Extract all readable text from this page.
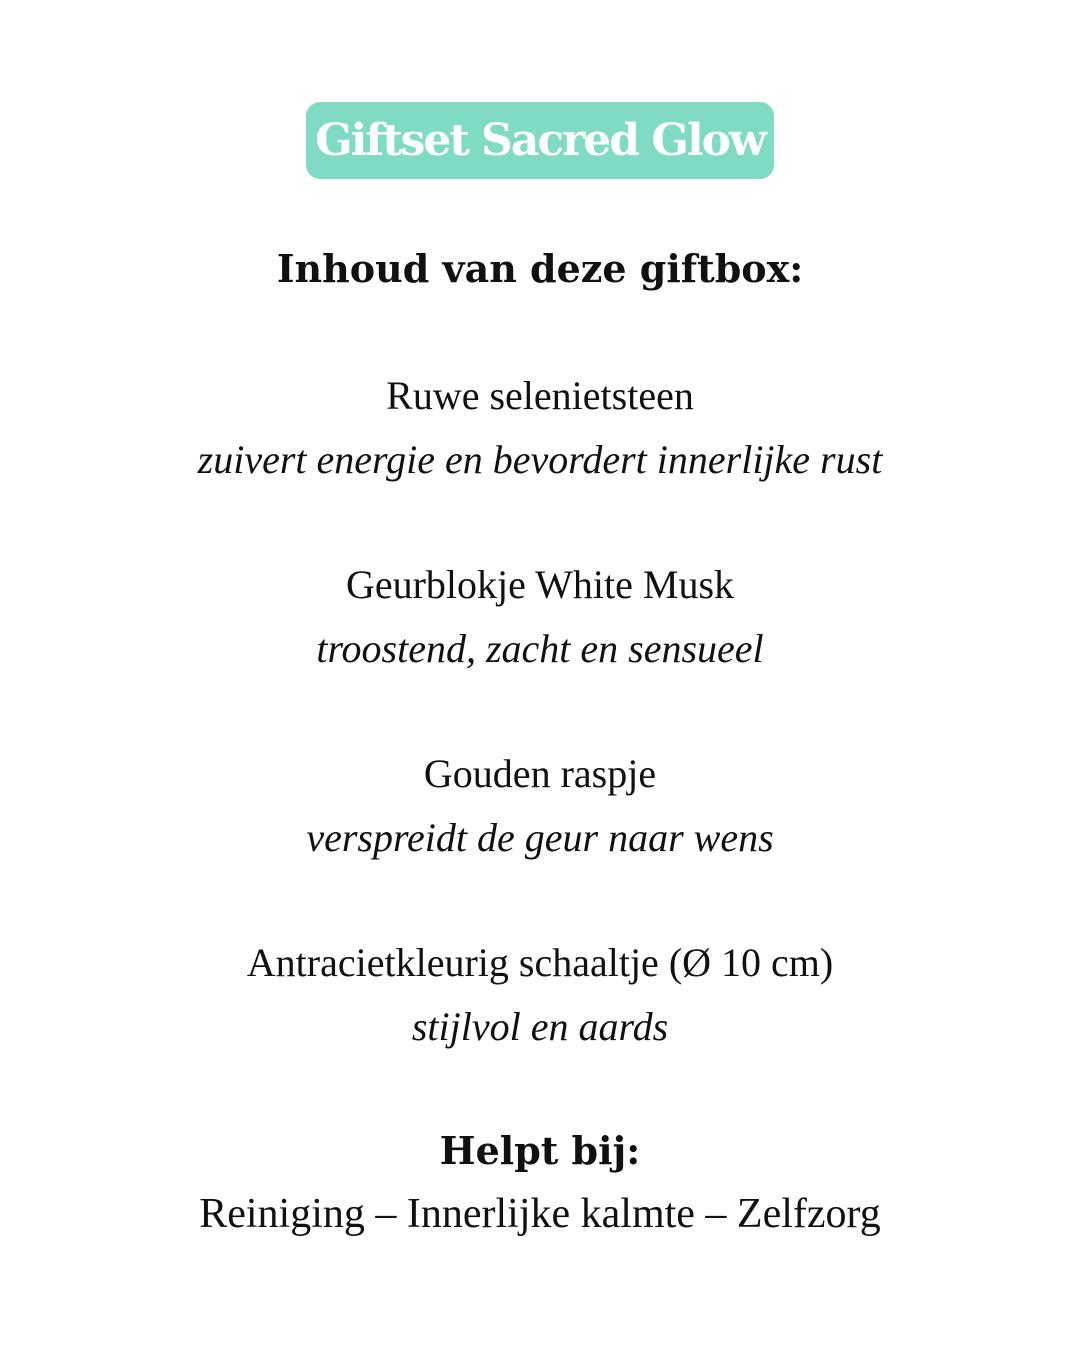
Giftset Sacred Glow
Inhoud van deze giftbox:
Ruwe selenietsteen
zuivert energie en bevordert innerlijke rust
Geurblokje White Musk
troostend, zacht en sensueel
Gouden raspje
verspreidt de geur naar wens
Antracietkleurig schaaltje (Ø 10 cm)
stijlvol en aards
Helpt bij:
Reiniging – Innerlijke kalmte – Zelfzorg
